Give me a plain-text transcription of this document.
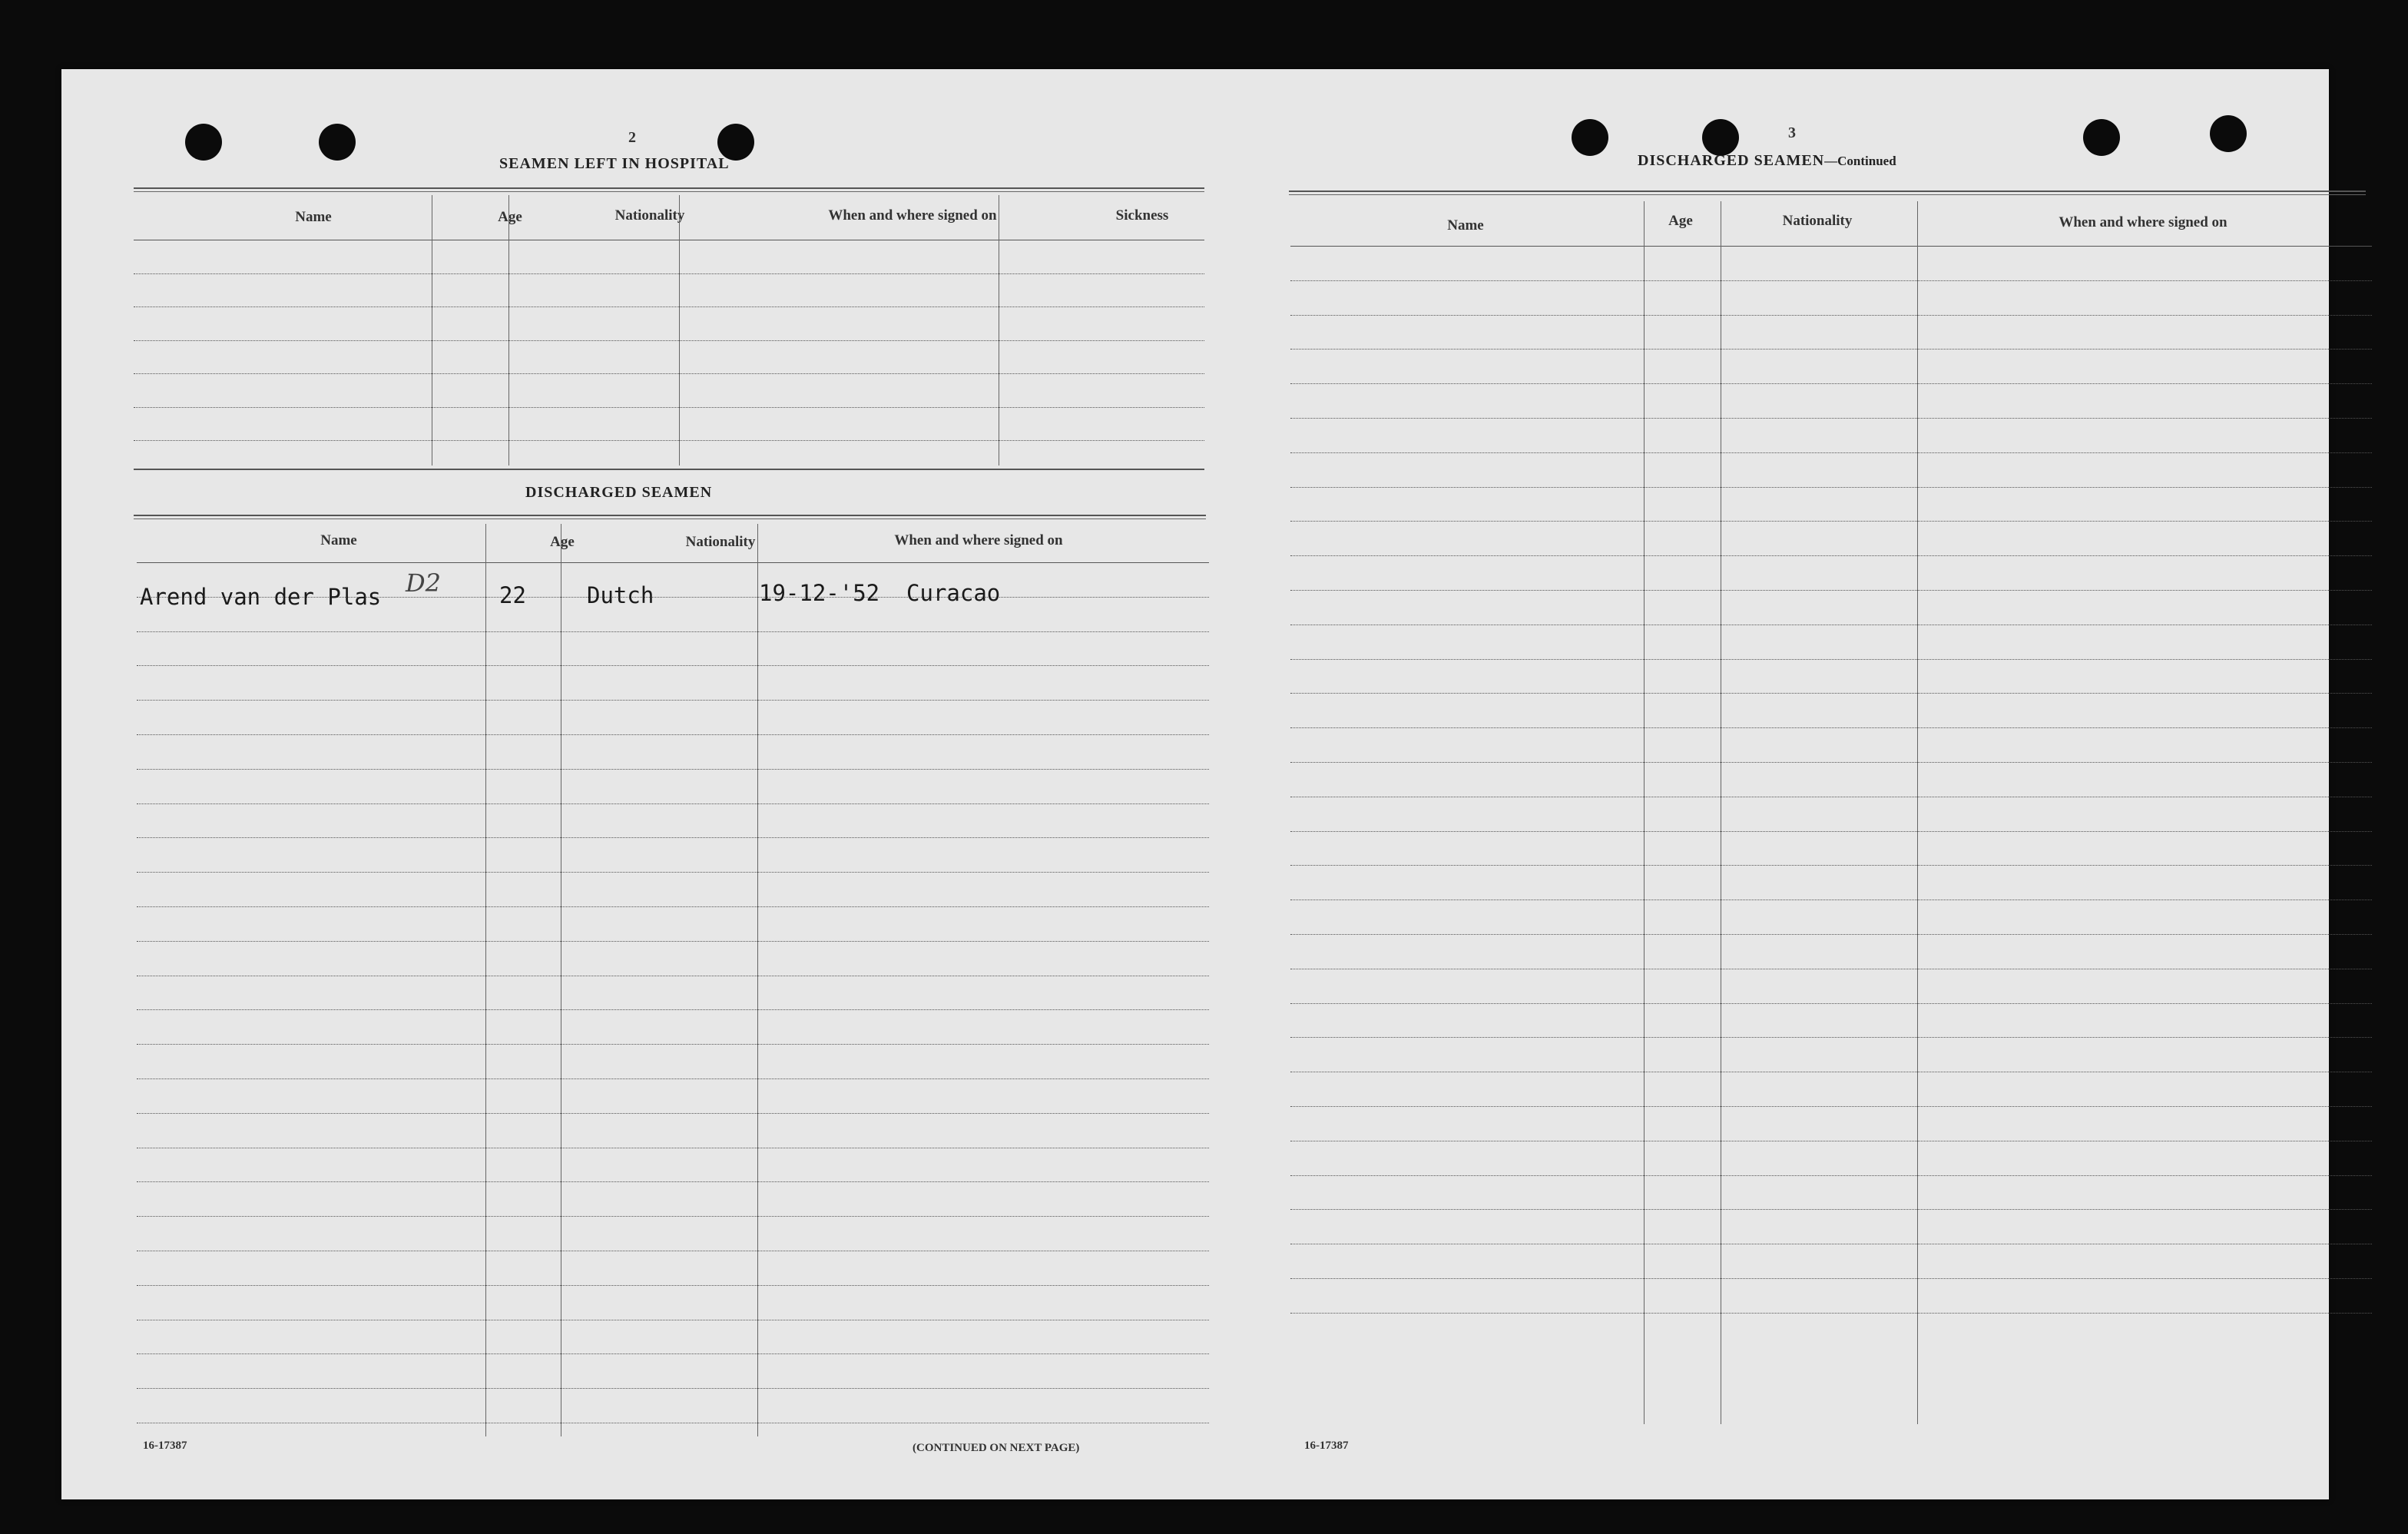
2
SEAMEN LEFT IN HOSPITAL
Name	Age	Nationality	When and where signed on	Sickness
DISCHARGED SEAMEN
Name	Age	Nationality	When and where signed on
Arend van der Plas D2	22	Dutch	19-12-'52  Curacao
16-17387	(CONTINUED ON NEXT PAGE)
3
DISCHARGED SEAMEN—Continued
Name	Age	Nationality	When and where signed on
16-17387
